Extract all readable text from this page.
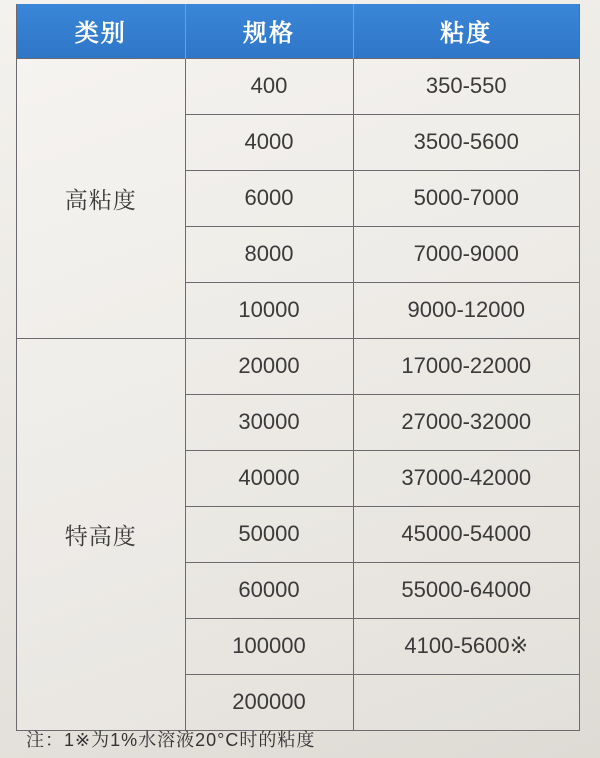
类别	规格	粘度
高粘度	400	350-550
	4000	3500-5600
	6000	5000-7000
	8000	7000-9000
	10000	9000-12000
特高度	20000	17000-22000
	30000	27000-32000
	40000	37000-42000
	50000	45000-54000
	60000	55000-64000
	100000	4100-5600※
	200000	
注：1※为1%水溶液20°C时的粘度
